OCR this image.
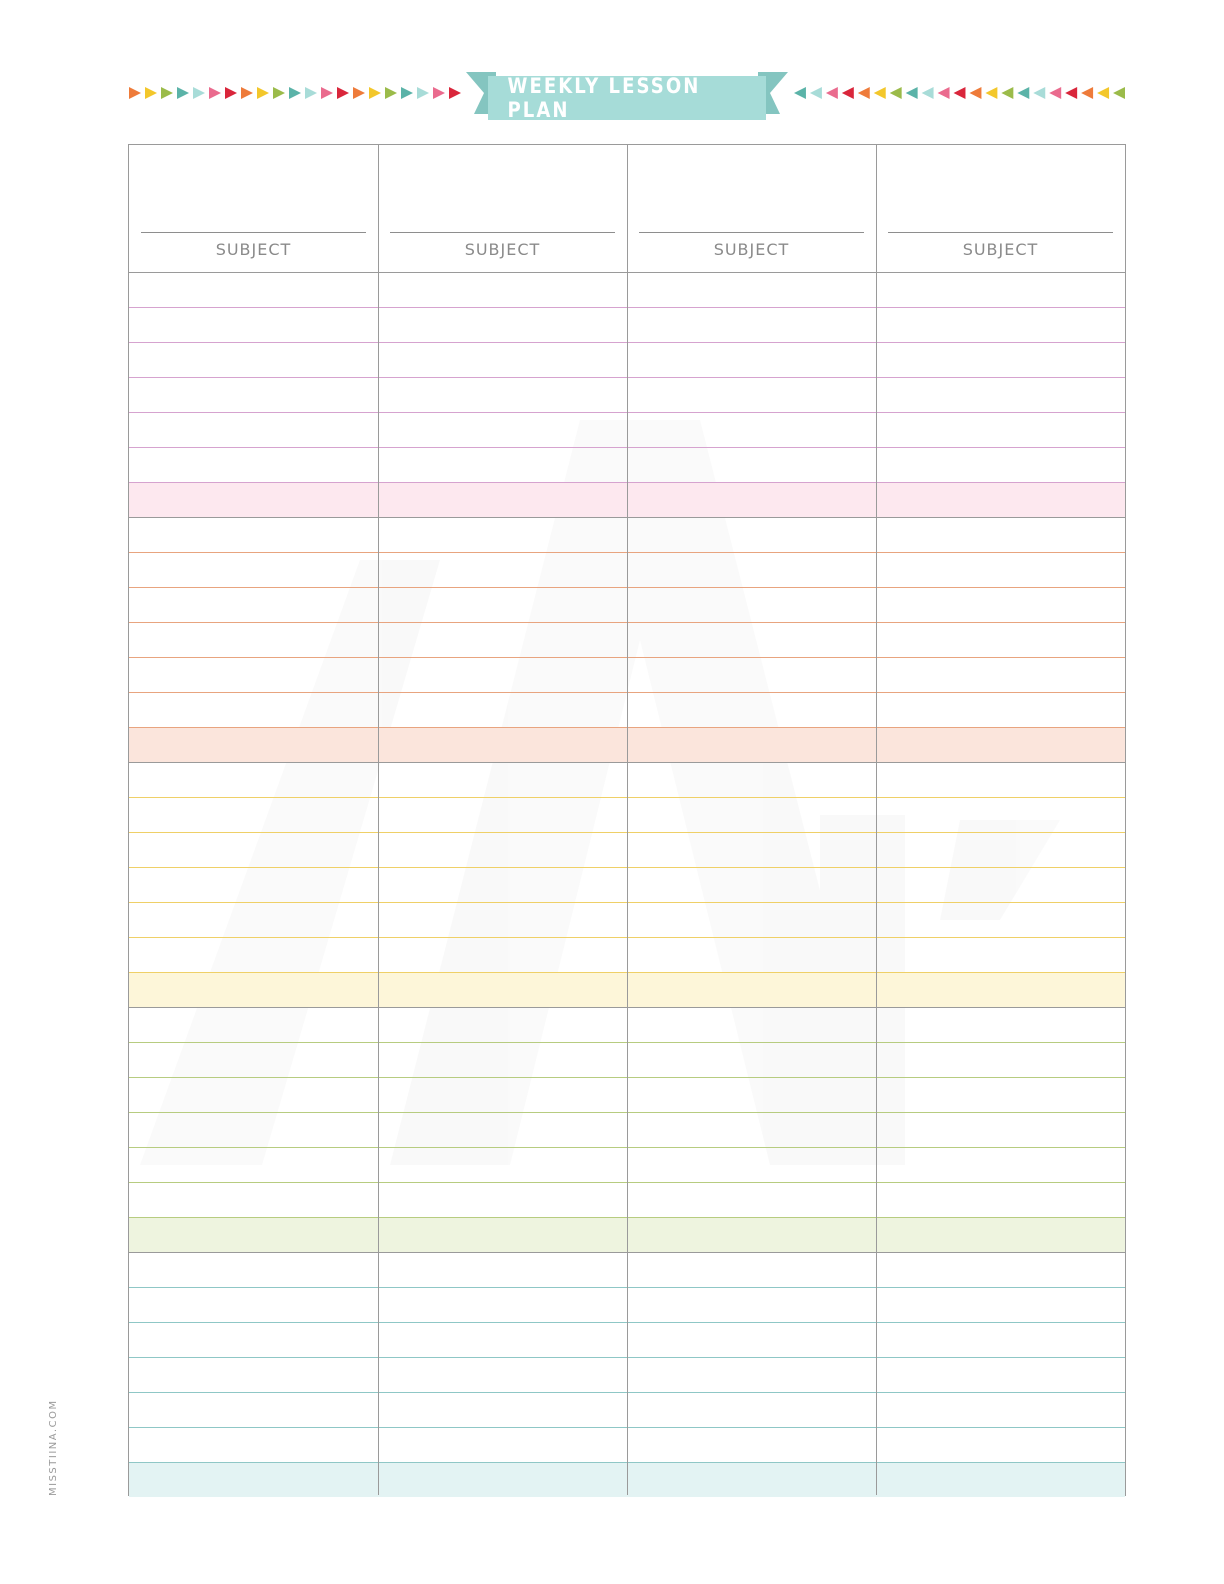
WEEKLY LESSON PLAN
SUBJECT	SUBJECT	SUBJECT	SUBJECT
MISSTIINA.COM
